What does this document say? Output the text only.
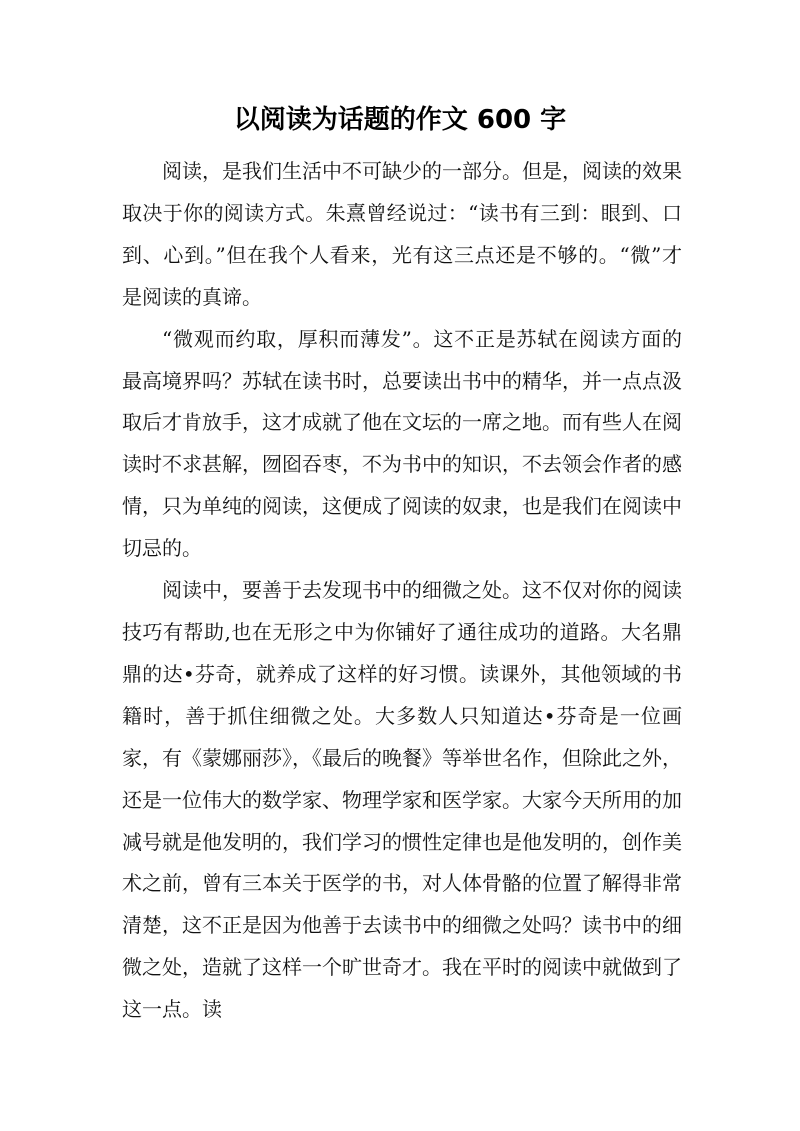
以阅读为话题的作文 600 字

阅读，是我们生活中不可缺少的一部分。但是，阅读的效果取决于你的阅读方式。朱熹曾经说过：“读书有三到：眼到、口到、心到。”但在我个人看来，光有这三点还是不够的。“微”才是阅读的真谛。

“微观而约取，厚积而薄发”。这不正是苏轼在阅读方面的最高境界吗？苏轼在读书时，总要读出书中的精华，并一点点汲取后才肯放手，这才成就了他在文坛的一席之地。而有些人在阅读时不求甚解，囫囵吞枣，不为书中的知识，不去领会作者的感情，只为单纯的阅读，这便成了阅读的奴隶，也是我们在阅读中切忌的。

阅读中，要善于去发现书中的细微之处。这不仅对你的阅读技巧有帮助,也在无形之中为你铺好了通往成功的道路。大名鼎鼎的达•芬奇，就养成了这样的好习惯。读课外，其他领域的书籍时，善于抓住细微之处。大多数人只知道达•芬奇是一位画家，有《蒙娜丽莎》，《最后的晚餐》等举世名作，但除此之外，还是一位伟大的数学家、物理学家和医学家。大家今天所用的加减号就是他发明的，我们学习的惯性定律也是他发明的，创作美术之前，曾有三本关于医学的书，对人体骨骼的位置了解得非常清楚，这不正是因为他善于去读书中的细微之处吗？读书中的细微之处，造就了这样一个旷世奇才。我在平时的阅读中就做到了这一点。读
